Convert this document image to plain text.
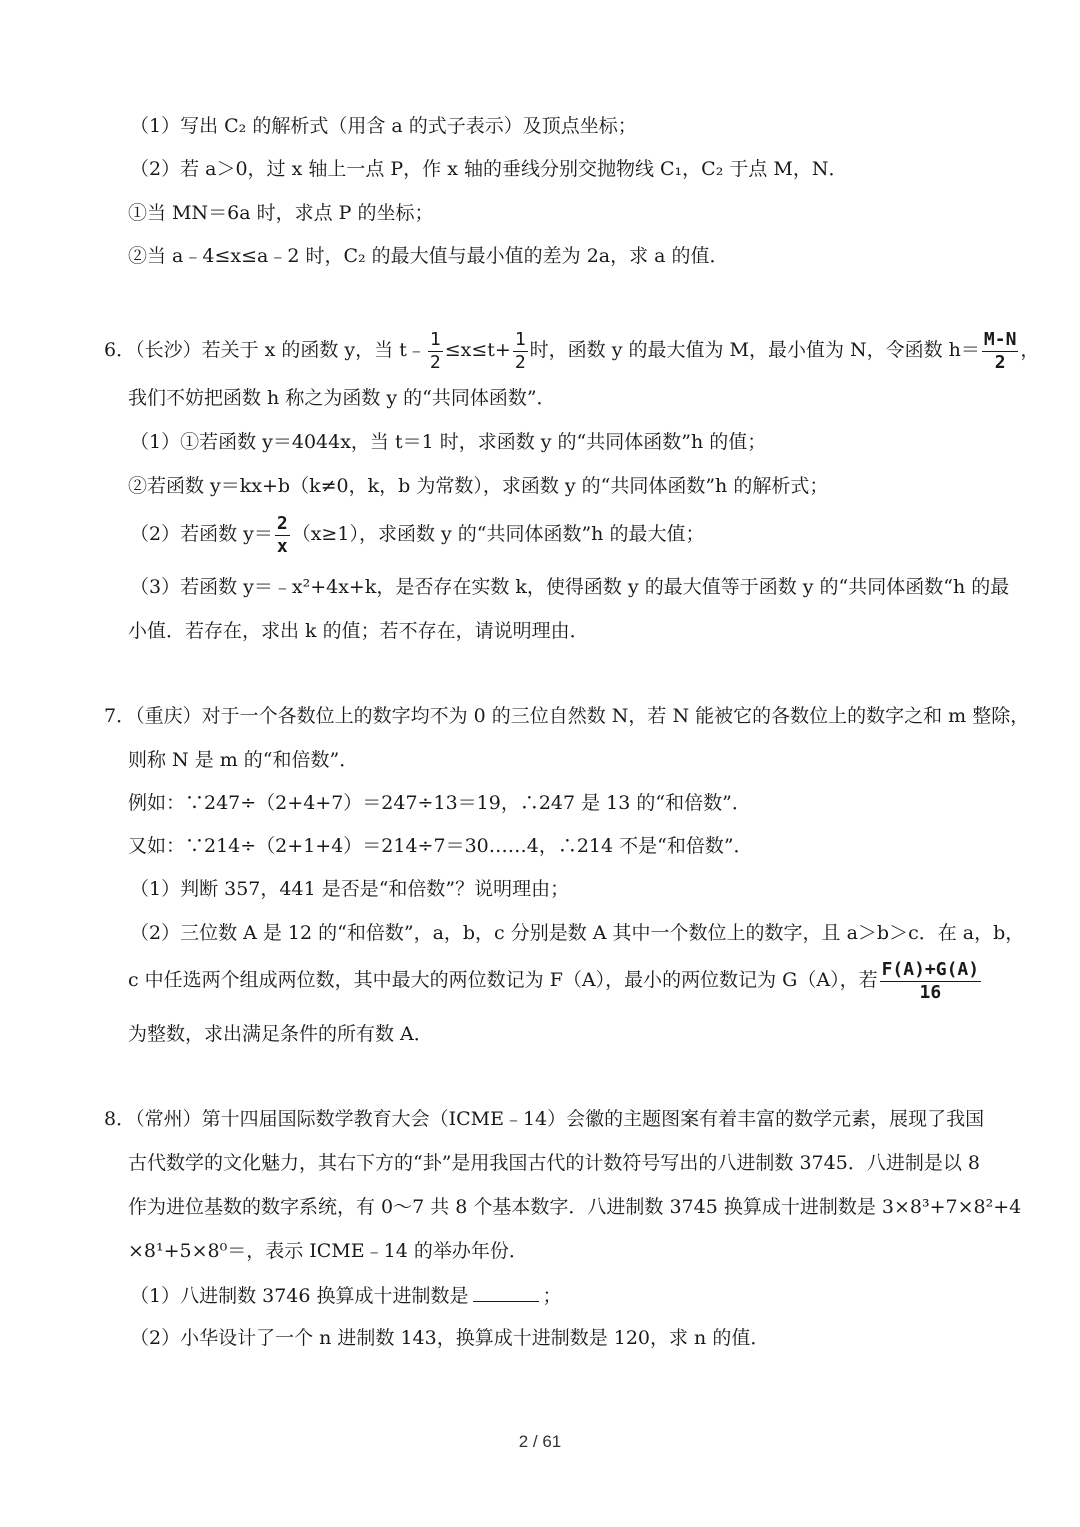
（1）写出 C₂ 的解析式（用含 a 的式子表示）及顶点坐标；
（2）若 a＞0，过 x 轴上一点 P，作 x 轴的垂线分别交抛物线 C₁，C₂ 于点 M，N．
①当 MN＝6a 时，求点 P 的坐标；
②当 a﹣4≤x≤a﹣2 时，C₂ 的最大值与最小值的差为 2a，求 a 的值．
6．（长沙）若关于 x 的函数 y，当 t﹣ $\frac{1}{2} \le x\le t+ \frac{1}{2}$ 时，函数 y 的最大值为 M，最小值为 N，令函数 $h= \frac{M-N}{2}$ ，
我们不妨把函数 h 称之为函数 y 的“共同体函数”．
（1）①若函数 y＝4044x，当 t＝1 时，求函数 y 的“共同体函数”h 的值；
②若函数 y＝kx+b（k≠0，k，b 为常数），求函数 y 的“共同体函数”h 的解析式；
（2）若函数 $y= \frac{2}{x} (x\ge 1)$，求函数 y 的“共同体函数”h 的最大值；
（3）若函数 y＝﹣x²+4x+k，是否存在实数 k，使得函数 y 的最大值等于函数 y 的“共同体函数“h 的最
小值．若存在，求出 k 的值；若不存在，请说明理由．
7．（重庆）对于一个各数位上的数字均不为 0 的三位自然数 N，若 N 能被它的各数位上的数字之和 m 整除，
则称 N 是 m 的“和倍数”．
例如：∵247÷（2+4+7）＝247÷13＝19，∴247 是 13 的“和倍数”．
又如：∵214÷（2+1+4）＝214÷7＝30……4，∴214 不是“和倍数”．
（1）判断 357，441 是否是“和倍数”？说明理由；
（2）三位数 A 是 12 的“和倍数”，a，b，c 分别是数 A 其中一个数位上的数字，且 a＞b＞c．在 a，b，
c 中任选两个组成两位数，其中最大的两位数记为 F（A），最小的两位数记为 G（A），若 $\frac{F(A)+G(A)}{16}$
为整数，求出满足条件的所有数 A．
8．（常州）第十四届国际数学教育大会（ICME﹣14）会徽的主题图案有着丰富的数学元素，展现了我国
古代数学的文化魅力，其右下方的“卦”是用我国古代的计数符号写出的八进制数 3745．八进制是以 8
作为进位基数的数字系统，有 0～7 共 8 个基本数字．八进制数 3745 换算成十进制数是 3×8³+7×8²+4
×8¹+5×8⁰＝，表示 ICME﹣14 的举办年份．
（1）八进制数 3746 换算成十进制数是	；
（2）小华设计了一个 n 进制数 143，换算成十进制数是 120，求 n 的值．
2 / 61
